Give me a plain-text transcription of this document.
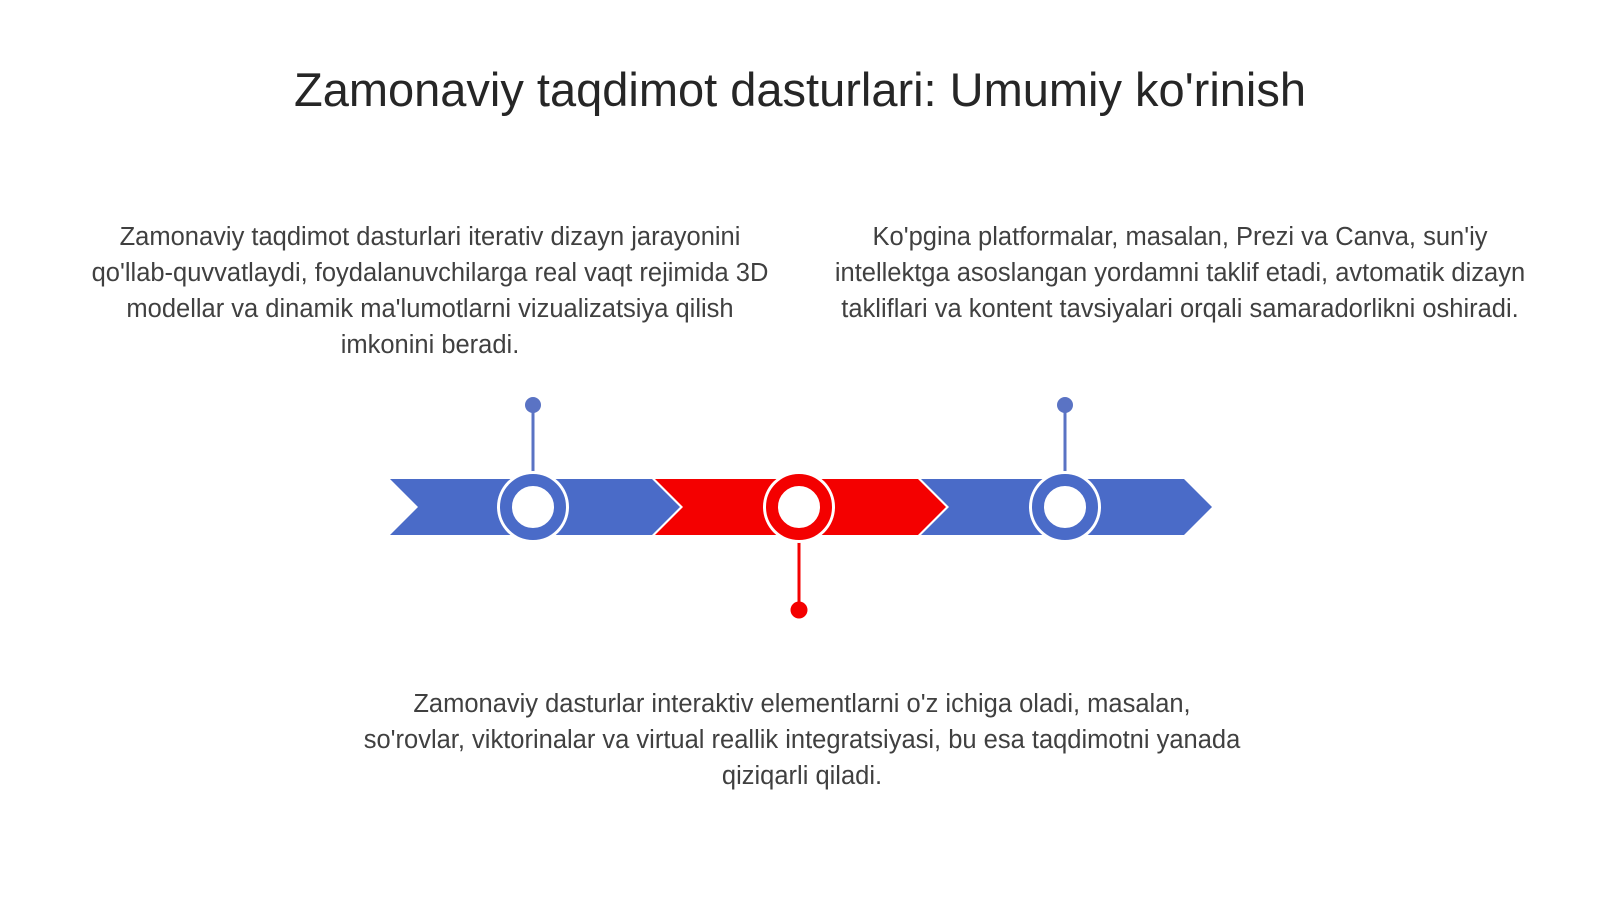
Zamonaviy taqdimot dasturlari: Umumiy ko'rinish
Zamonaviy taqdimot dasturlari iterativ dizayn jarayonini qo'llab-quvvatlaydi, foydalanuvchilarga real vaqt rejimida 3D modellar va dinamik ma'lumotlarni vizualizatsiya qilish imkonini beradi.
Ko'pgina platformalar, masalan, Prezi va Canva, sun'iy intellektga asoslangan yordamni taklif etadi, avtomatik dizayn takliflari va kontent tavsiyalari orqali samaradorlikni oshiradi.
Zamonaviy dasturlar interaktiv elementlarni o'z ichiga oladi, masalan, so'rovlar, viktorinalar va virtual reallik integratsiyasi, bu esa taqdimotni yanada qiziqarli qiladi.
